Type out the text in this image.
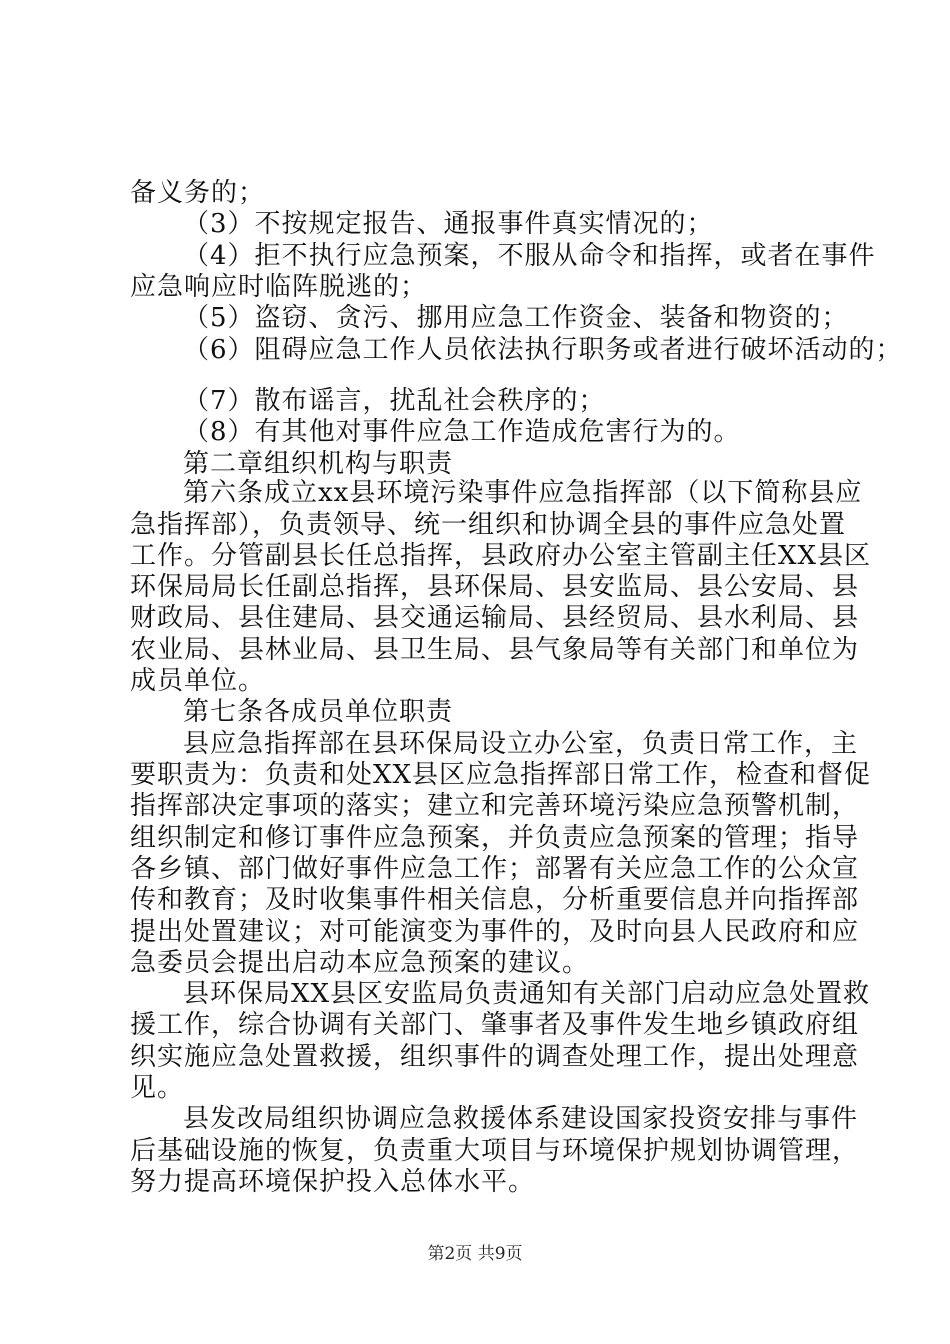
备义务的；
（3）不按规定报告、通报事件真实情况的；
（4）拒不执行应急预案，不服从命令和指挥，或者在事件
应急响应时临阵脱逃的；
（5）盗窃、贪污、挪用应急工作资金、装备和物资的；
（6）阻碍应急工作人员依法执行职务或者进行破坏活动的；
（7）散布谣言，扰乱社会秩序的；
（8）有其他对事件应急工作造成危害行为的。
第二章组织机构与职责
第六条成立xx县环境污染事件应急指挥部（以下简称县应
急指挥部），负责领导、统一组织和协调全县的事件应急处置
工作。分管副县长任总指挥，县政府办公室主管副主任XX县区
环保局局长任副总指挥，县环保局、县安监局、县公安局、县
财政局、县住建局、县交通运输局、县经贸局、县水利局、县
农业局、县林业局、县卫生局、县气象局等有关部门和单位为
成员单位。
第七条各成员单位职责
县应急指挥部在县环保局设立办公室，负责日常工作，主
要职责为：负责和处XX县区应急指挥部日常工作，检查和督促
指挥部决定事项的落实；建立和完善环境污染应急预警机制，
组织制定和修订事件应急预案，并负责应急预案的管理；指导
各乡镇、部门做好事件应急工作；部署有关应急工作的公众宣
传和教育；及时收集事件相关信息，分析重要信息并向指挥部
提出处置建议；对可能演变为事件的，及时向县人民政府和应
急委员会提出启动本应急预案的建议。
县环保局XX县区安监局负责通知有关部门启动应急处置救
援工作，综合协调有关部门、肇事者及事件发生地乡镇政府组
织实施应急处置救援，组织事件的调查处理工作，提出处理意
见。
县发改局组织协调应急救援体系建设国家投资安排与事件
后基础设施的恢复，负责重大项目与环境保护规划协调管理，
努力提高环境保护投入总体水平。
第2页 共9页
